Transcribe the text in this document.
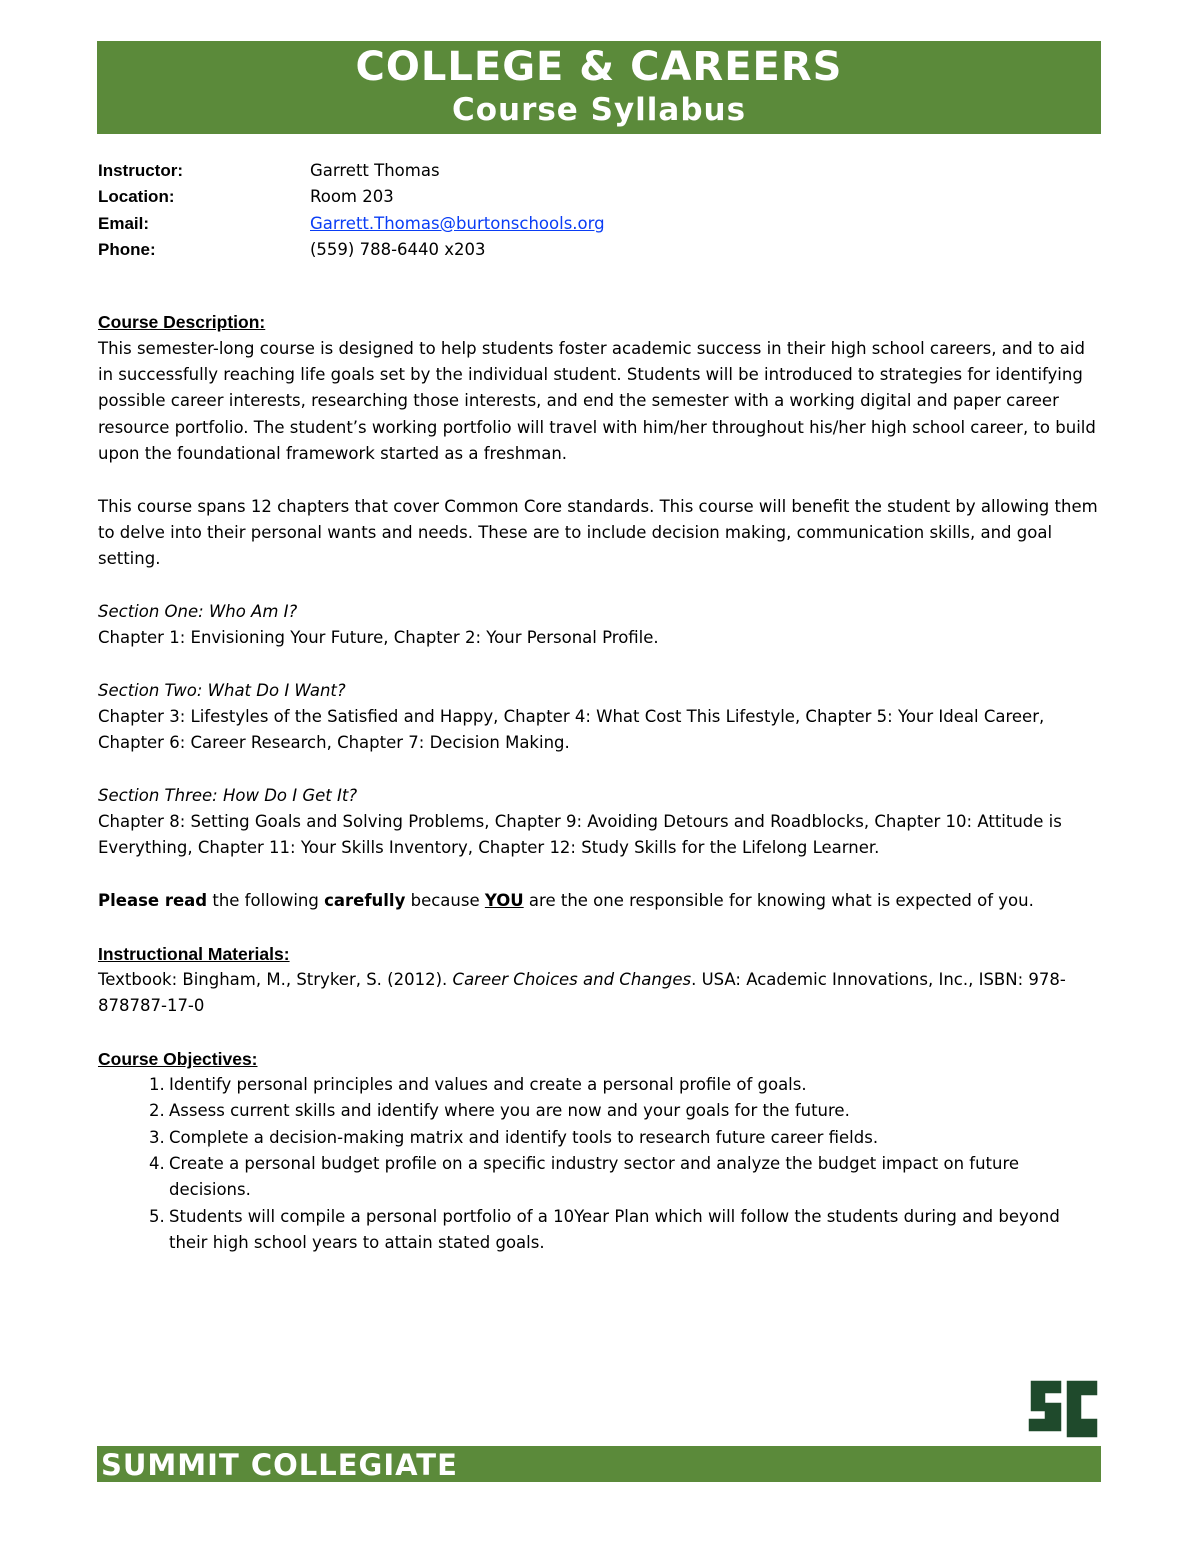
COLLEGE & CAREERS
Course Syllabus
Instructor:	Garrett Thomas
Location:	Room 203
Email:	Garrett.Thomas@burtonschools.org
Phone:	(559) 788-6440 x203
Course Description:

This semester-long course is designed to help students foster academic success in their high school careers, and to aid in successfully reaching life goals set by the individual student. Students will be introduced to strategies for identifying possible career interests, researching those interests, and end the semester with a working digital and paper career resource portfolio. The student’s working portfolio will travel with him/her throughout his/her high school career, to build upon the foundational framework started as a freshman.

This course spans 12 chapters that cover Common Core standards. This course will benefit the student by allowing them to delve into their personal wants and needs. These are to include decision making, communication skills, and goal setting.

Section One: Who Am I?

Chapter 1: Envisioning Your Future, Chapter 2: Your Personal Profile.

Section Two: What Do I Want?

Chapter 3: Lifestyles of the Satisfied and Happy, Chapter 4: What Cost This Lifestyle, Chapter 5: Your Ideal Career, Chapter 6: Career Research, Chapter 7: Decision Making.

Section Three: How Do I Get It?

Chapter 8: Setting Goals and Solving Problems, Chapter 9: Avoiding Detours and Roadblocks, Chapter 10: Attitude is Everything, Chapter 11: Your Skills Inventory, Chapter 12: Study Skills for the Lifelong Learner.

Please read the following carefully because YOU are the one responsible for knowing what is expected of you.

Instructional Materials:

Textbook: Bingham, M., Stryker, S. (2012). Career Choices and Changes. USA: Academic Innovations, Inc., ISBN: 978-878787-17-0

Course Objectives:
1. Identify personal principles and values and create a personal profile of goals.
2. Assess current skills and identify where you are now and your goals for the future.
3. Complete a decision-making matrix and identify tools to research future career fields.
4. Create a personal budget profile on a specific industry sector and analyze the budget impact on future decisions.
5. Students will compile a personal portfolio of a 10Year Plan which will follow the students during and beyond their high school years to attain stated goals.
SC
SUMMIT COLLEGIATE
